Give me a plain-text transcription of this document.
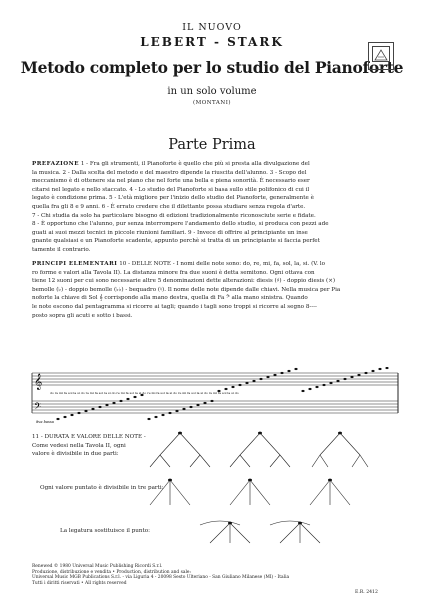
IL NUOVO
LEBERT - STARK
Metodo completo per lo studio del Pianoforte
in un solo volume
(MONTANI)
Parte Prima

PREFAZIONE 1 - Fra gli strumenti, il Pianoforte è quello che più si presta alla divulgazione del

la musica. 2 - Dalla scelta del metodo e del maestro dipende la riuscita dell'alunno. 3 - Scopo del

meccanismo è di ottenere sia nel piano che nel forte una bella e piena sonorità. È necessario eser

citarsi nel legato e nello staccato. 4 - Lo studio del Pianoforte si basa sullo stile polifonico di cui il

legato è condizione prima. 5 - L'età migliore per l'inizio dello studio del Pianoforte, generalmente è

quella fra gli 8 e 9 anni. 6 - È errato credere che il dilettante possa studiare senza regola d'arte.

7 - Chi studia da solo ha particolare bisogno di edizioni tradizionalmente riconosciute serie e fidate.

8 - È opportuno che l'alunno, pur senza interrompere l'andamento dello studio, si produca con pezzi ade

guati ai suoi mezzi tecnici in piccole riunioni familiari. 9 - Invece di offrire al principiante un inse

gnante qualsiasi e un Pianoforte scadente, appunto perchè si tratta di un principiante si faccia perfet

tamente il contrario.

PRINCIPI ELEMENTARI 10 - DELLE NOTE - I nomi delle note sono: do, re, mi, fa, sol, la, si. (V. lo

ro forme e valori alla Tavola II). La distanza minore fra due suoni è detta semitono. Ogni ottava con

tiene 12 suoni per cui sono necessarie altre 5 denominazioni dette alterazioni: diesis (♯) - doppio diesis (×)

bemolle (♭) - doppio bemolle (♭♭) - bequadro (♮). Il nome delle note dipende dalle chiavi. Nella musica per Pia

noforte la chiave di Sol 𝄞 corrisponde alla mano destra, quella di Fa 𝄢 alla mano sinistra. Quando

le note escono dal pentagramma si ricorre ai tagli; quando i tagli sono troppi si ricorre al segno 8----

posto sopra gli acuti e sotto i bassi.

𝄞
𝄢
do re mi fa sol la si do re mi fa sol la si do re mi fa sol la si do re mi fa sol la si do re mi fa sol la si do re mi fa sol la si do
8va bassa
11 - DURATA E VALORE DELLE NOTE -
Come vedesi nella Tavola II, ogni
valore è divisibile in due parti:
Ogni valore puntato è divisibile in tre parti:
La legatura sostituisce il punto:
Renewed © 1980 Universal Music Publishing Ricordi S.r.l.
Produzione, distribuzione e vendita • Production, distribution and sale:
Universal Music MGB Publications S.r.l. - via Liguria 4 - 20098 Sesto Ulteriano - San Giuliano Milanese (MI) - Italia
Tutti i diritti riservati • All rights reserved
E.R. 2412
